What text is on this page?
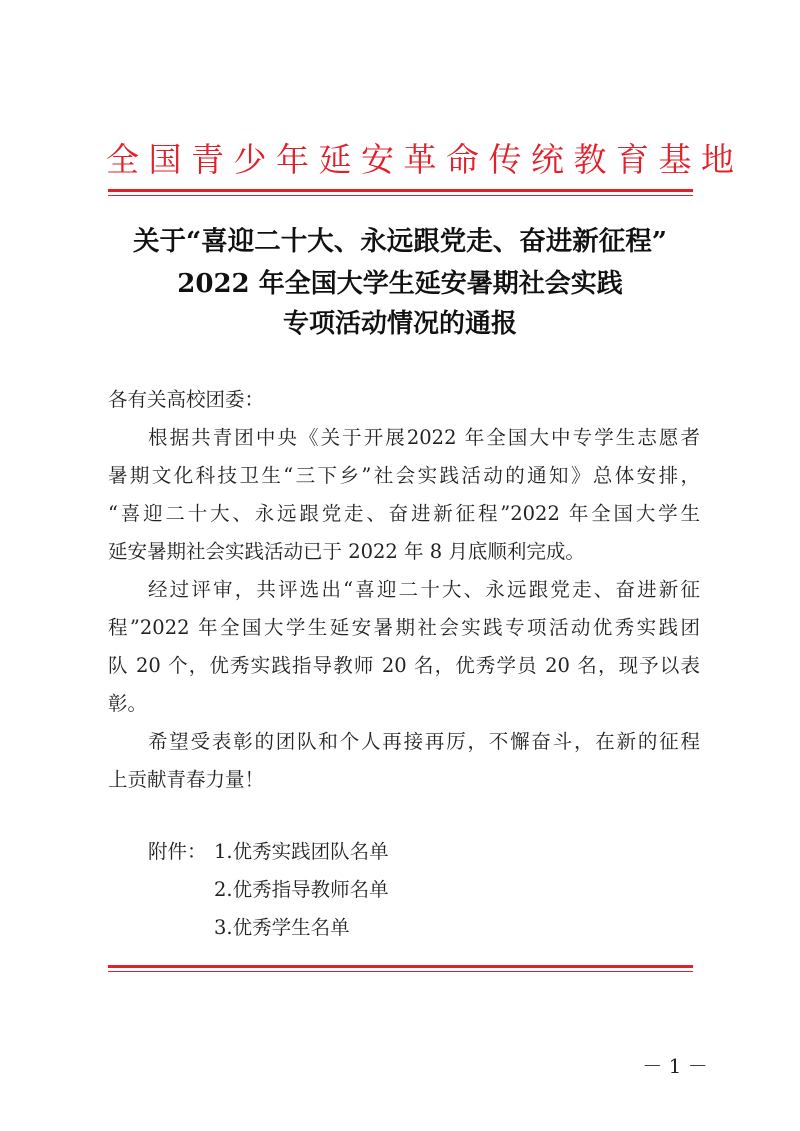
全国青少年延安革命传统教育基地
关于“喜迎二十大、永远跟党走、奋进新征程”
2022 年全国大学生延安暑期社会实践
专项活动情况的通报
各有关高校团委：
根据共青团中央《关于开展2022 年全国大中专学生志愿者
暑期文化科技卫生“三下乡”社会实践活动的通知》总体安排，
“喜迎二十大、永远跟党走、奋进新征程”2022 年全国大学生
延安暑期社会实践活动已于 2022 年 8 月底顺利完成。
经过评审，共评选出“喜迎二十大、永远跟党走、奋进新征
程”2022 年全国大学生延安暑期社会实践专项活动优秀实践团
队 20 个，优秀实践指导教师 20 名，优秀学员 20 名，现予以表
彰。
希望受表彰的团队和个人再接再厉，不懈奋斗，在新的征程
上贡献青春力量！
附件： 1.优秀实践团队名单
2.优秀指导教师名单
3.优秀学生名单
－ 1 －
